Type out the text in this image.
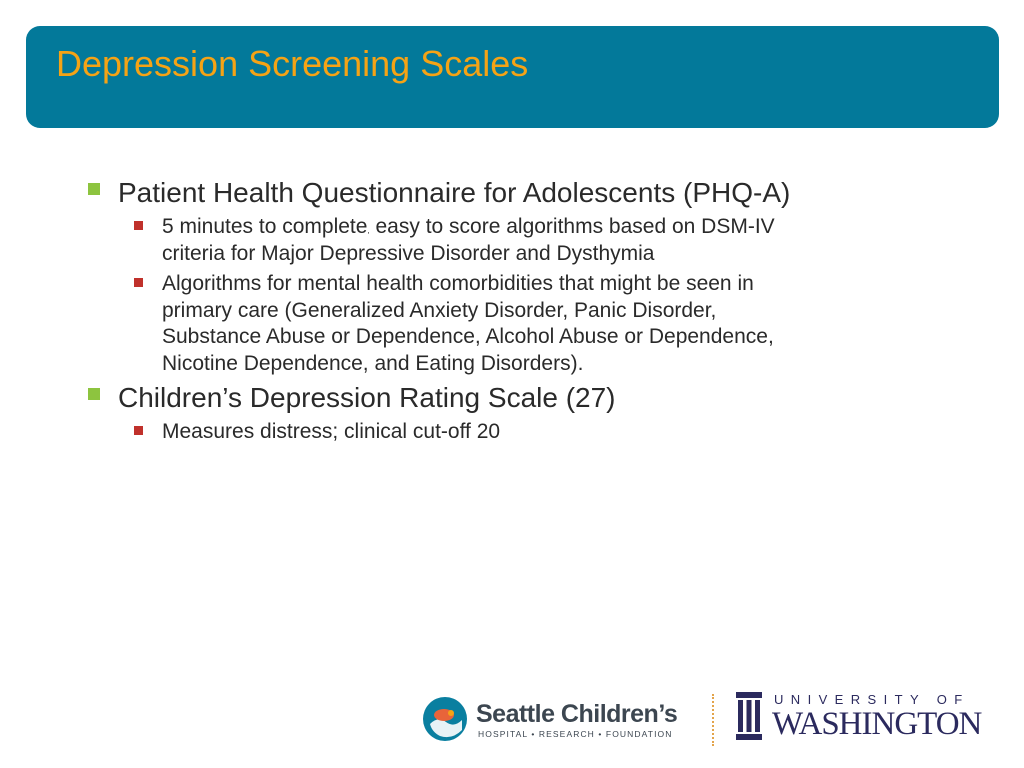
Depression Screening Scales
Patient Health Questionnaire for Adolescents (PHQ-A)
5 minutes to complete, easy to score algorithms based on DSM-IV criteria for Major Depressive Disorder and Dysthymia
Algorithms for mental health comorbidities that might be seen in primary care (Generalized Anxiety Disorder, Panic Disorder, Substance Abuse or Dependence, Alcohol Abuse or Dependence, Nicotine Dependence, and Eating Disorders).
Children’s Depression Rating Scale (27)
Measures distress; clinical cut-off 20
Seattle Children’s
HOSPITAL • RESEARCH • FOUNDATION
UNIVERSITY OF
WASHINGTON
